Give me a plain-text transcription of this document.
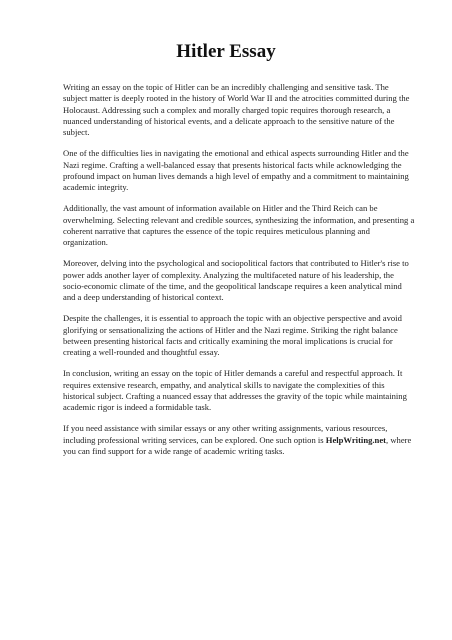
Hitler Essay

Writing an essay on the topic of Hitler can be an incredibly challenging and sensitive task. The subject matter is deeply rooted in the history of World War II and the atrocities committed during the Holocaust. Addressing such a complex and morally charged topic requires thorough research, a nuanced understanding of historical events, and a delicate approach to the sensitive nature of the subject.

One of the difficulties lies in navigating the emotional and ethical aspects surrounding Hitler and the Nazi regime. Crafting a well-balanced essay that presents historical facts while acknowledging the profound impact on human lives demands a high level of empathy and a commitment to maintaining academic integrity.

Additionally, the vast amount of information available on Hitler and the Third Reich can be overwhelming. Selecting relevant and credible sources, synthesizing the information, and presenting a coherent narrative that captures the essence of the topic requires meticulous planning and organization.

Moreover, delving into the psychological and sociopolitical factors that contributed to Hitler's rise to power adds another layer of complexity. Analyzing the multifaceted nature of his leadership, the socio-economic climate of the time, and the geopolitical landscape requires a keen analytical mind and a deep understanding of historical context.

Despite the challenges, it is essential to approach the topic with an objective perspective and avoid glorifying or sensationalizing the actions of Hitler and the Nazi regime. Striking the right balance between presenting historical facts and critically examining the moral implications is crucial for creating a well-rounded and thoughtful essay.

In conclusion, writing an essay on the topic of Hitler demands a careful and respectful approach. It requires extensive research, empathy, and analytical skills to navigate the complexities of this historical subject. Crafting a nuanced essay that addresses the gravity of the topic while maintaining academic rigor is indeed a formidable task.

If you need assistance with similar essays or any other writing assignments, various resources, including professional writing services, can be explored. One such option is HelpWriting.net, where you can find support for a wide range of academic writing tasks.
